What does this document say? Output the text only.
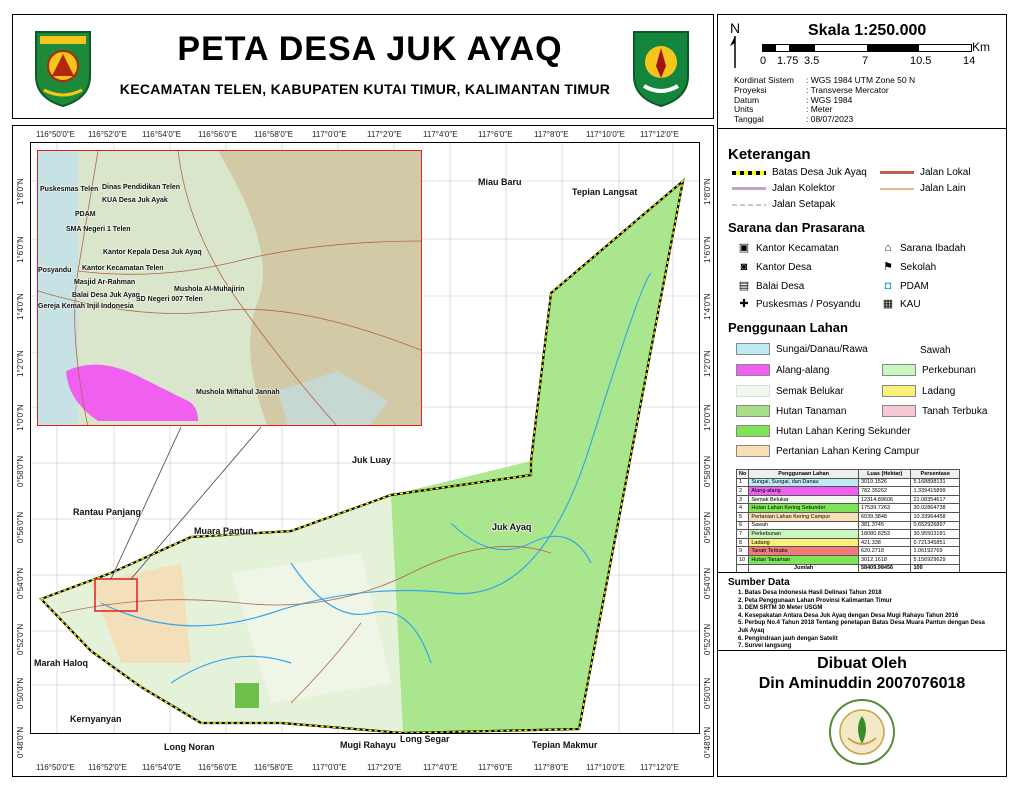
PETA DESA JUK AYAQ
KECAMATAN TELEN, KABUPATEN KUTAI TIMUR, KALIMANTAN TIMUR
N	Skala 1:250.000
Km
0 1.75 3.5	7	10.5	14
Kordinat Sistem	: WGS 1984 UTM Zone 50 N
Proyeksi	: Transverse Mercator
Datum	: WGS 1984
Units	: Meter
Tanggal	: 08/07/2023
Keterangan
Batas Desa Juk Ayaq	Jalan Lokal
Jalan Kolektor	Jalan Lain
Jalan Setapak
Sarana dan Prasarana
▣ Kantor Kecamatan	⌂ Sarana Ibadah
◙ Kantor Desa	⚑ Sekolah
▤ Balai Desa	◘ PDAM
✚ Puskesmas / Posyandu ▦ KAU
Penggunaan Lahan
Sungai/Danau/Rawa	Sawah
Alang-alang	Perkebunan
Semak Belukar	Ladang
Hutan Tanaman	Tanah Terbuka
Hutan Lahan Kering Sekunder
Pertanian Lahan Kering Campur
No	Penggunaan Lahan	Luas (Hektar)	Persentase
1	Sungai, Sungai, dan Danau	3019.1526	5.168898131
2	Alang-alang	782.35262	1.339415899
3	Semak Belukar	12314.89606	21.08354617
4	Hutan Lahan Kering Sekunder	17539.7263	30.02864738
5	Pertanian Lahan Kering Campur	6039.3848	10.33964458
6	Sawah	381.3745	0.652926897
7	Perkebunan	18080.8253	30.95503181
8	Ladang	421.338	0.721345851
9	Tanah Terbuka	620.2718	1.06192769
10	Hutan Tanaman	3012.1618	5.156929629
	Jumlah	58409.98456	100
Sumber Data
1. Batas Desa Indonesia Hasil Delinasi Tahun 2018
2. Peta Penggunaan Lahan Provinsi Kalimantan Timur
3. DEM SRTM 30 Meter USGM
4. Kesepakatan Antara Desa Juk Ayaq dengan Desa Mugi Rahayu Tahun 2016
5. Perbup No.4 Tahun 2018 Tentang penetapan Batas Desa Muara Pantun dengan Desa Juk Ayaq
6. Pengindraan jauh dengan Satelit
7. Survei langsung
Dibuat Oleh
Din Aminuddin 2007076018
Puskesmas Telen Dinas Pendidikan Telen
KUA Desa Juk Ayak
PDAM
SMA Negeri 1 Telen
Kantor Kepala Desa Juk Ayaq
Posyandu Kantor Kecamatan Telen
Masjid Ar-Rahman
Mushola Al-Muhajirin
Balai Desa Juk Ayaq
SD Negeri 007 Telen
Gereja Kemah Injil Indonesia
Mushola Miftahul Jannah
116°50'0"E 116°52'0"E 116°54'0"E 116°56'0"E 116°58'0"E 117°0'0"E	117°2'0"E	117°4'0"E	117°6'0"E	117°8'0"E 117°10'0"E 117°12'0"E
116°50'0"E 116°52'0"E 116°54'0"E 116°56'0"E 116°58'0"E 117°0'0"E	117°2'0"E	117°4'0"E	117°6'0"E	117°8'0"E 117°10'0"E 117°12'0"E
1°8'0"N
1°6'0"N
1°4'0"N
1°2'0"N
1°0'0"N
0°58'0"N
0°56'0"N
0°54'0"N
0°52'0"N
0°50'0"N
0°48'0"N
1°8'0"N
1°6'0"N
1°4'0"N
1°2'0"N
1°0'0"N
0°58'0"N
0°56'0"N
0°54'0"N
0°52'0"N
0°50'0"N
0°48'0"N
Miau Baru
Tepian Langsat
Juk Luay
Rantau Panjang
Muara Pantun	Juk Ayaq
Marah Haloq
Kernyanyan
Long Noran	Mugi Rahayu
Long Segar
Tepian Makmur
